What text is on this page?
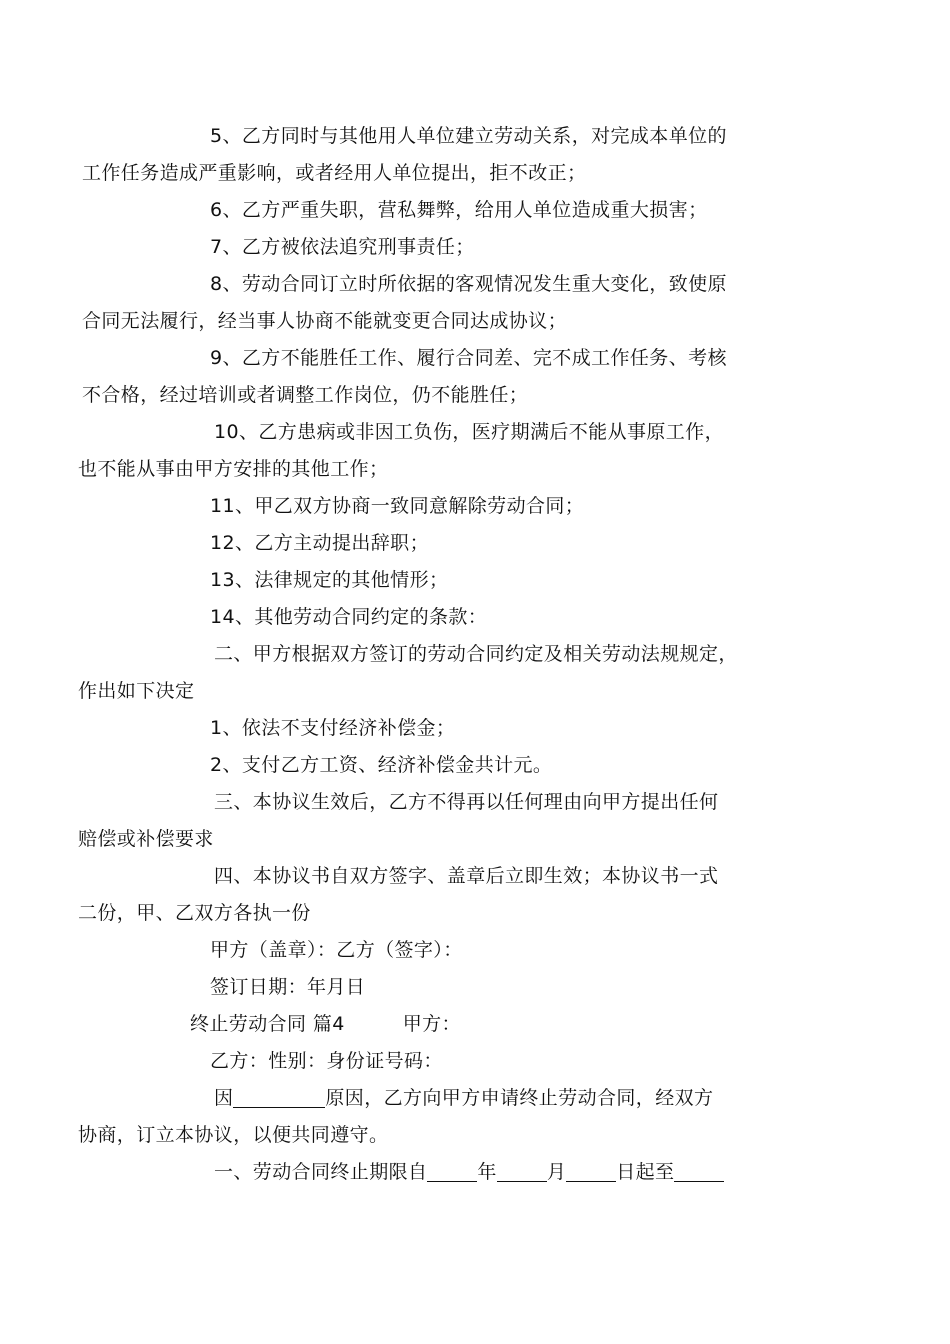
5、乙方同时与其他用人单位建立劳动关系，对完成本单位的
工作任务造成严重影响，或者经用人单位提出，拒不改正；

6、乙方严重失职，营私舞弊，给用人单位造成重大损害；

7、乙方被依法追究刑事责任；

8、劳动合同订立时所依据的客观情况发生重大变化，致使原
合同无法履行，经当事人协商不能就变更合同达成协议；

9、乙方不能胜任工作、履行合同差、完不成工作任务、考核
不合格，经过培训或者调整工作岗位，仍不能胜任；

10、乙方患病或非因工负伤，医疗期满后不能从事原工作，
也不能从事由甲方安排的其他工作；

11、甲乙双方协商一致同意解除劳动合同；

12、乙方主动提出辞职；

13、法律规定的其他情形；

14、其他劳动合同约定的条款：

二、甲方根据双方签订的劳动合同约定及相关劳动法规规定，
作出如下决定

1、依法不支付经济补偿金；

2、支付乙方工资、经济补偿金共计元。

三、本协议生效后，乙方不得再以任何理由向甲方提出任何
赔偿或补偿要求

四、本协议书自双方签字、盖章后立即生效；本协议书一式
二份，甲、乙双方各执一份

甲方（盖章）：乙方（签字）：

签订日期：年月日

终止劳动合同 篇4	甲方：

乙方：性别：身份证号码：

因	原因，乙方向甲方申请终止劳动合同，经双方
协商，订立本协议，以便共同遵守。

一、劳动合同终止期限自	年	月	日起至
